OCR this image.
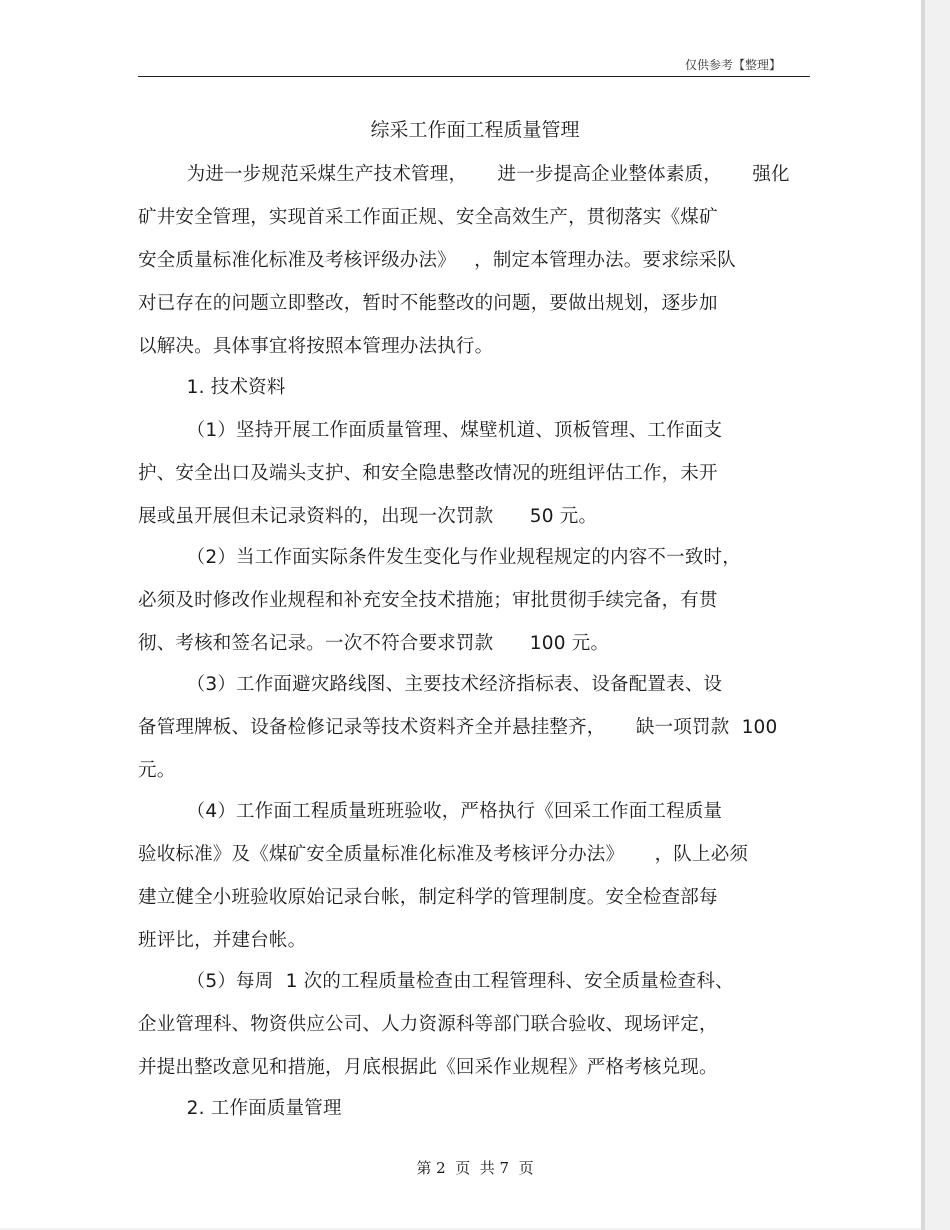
仅供参考【整理】
综采工作面工程质量管理
为进一步规范采煤生产技术管理，     进一步提高企业整体素质，     强化
矿井安全管理，实现首采工作面正规、安全高效生产，贯彻落实《煤矿
安全质量标准化标准及考核评级办法》   ，制定本管理办法。要求综采队
对已存在的问题立即整改，暂时不能整改的问题，要做出规划，逐步加
以解决。具体事宜将按照本管理办法执行。
1. 技术资料
（1）坚持开展工作面质量管理、煤壁机道、顶板管理、工作面支
护、安全出口及端头支护、和安全隐患整改情况的班组评估工作，未开
展或虽开展但未记录资料的，出现一次罚款      50 元。
（2）当工作面实际条件发生变化与作业规程规定的内容不一致时，
必须及时修改作业规程和补充安全技术措施；审批贯彻手续完备，有贯
彻、考核和签名记录。一次不符合要求罚款      100 元。
（3）工作面避灾路线图、主要技术经济指标表、设备配置表、设
备管理牌板、设备检修记录等技术资料齐全并悬挂整齐，     缺一项罚款  100
元。
（4）工作面工程质量班班验收，严格执行《回采工作面工程质量
验收标准》及《煤矿安全质量标准化标准及考核评分办法》     ，队上必须
建立健全小班验收原始记录台帐，制定科学的管理制度。安全检查部每
班评比，并建台帐。
（5）每周  1 次的工程质量检查由工程管理科、安全质量检查科、
企业管理科、物资供应公司、人力资源科等部门联合验收、现场评定，
并提出整改意见和措施，月底根据此《回采作业规程》严格考核兑现。
2. 工作面质量管理
第 2  页  共 7  页
